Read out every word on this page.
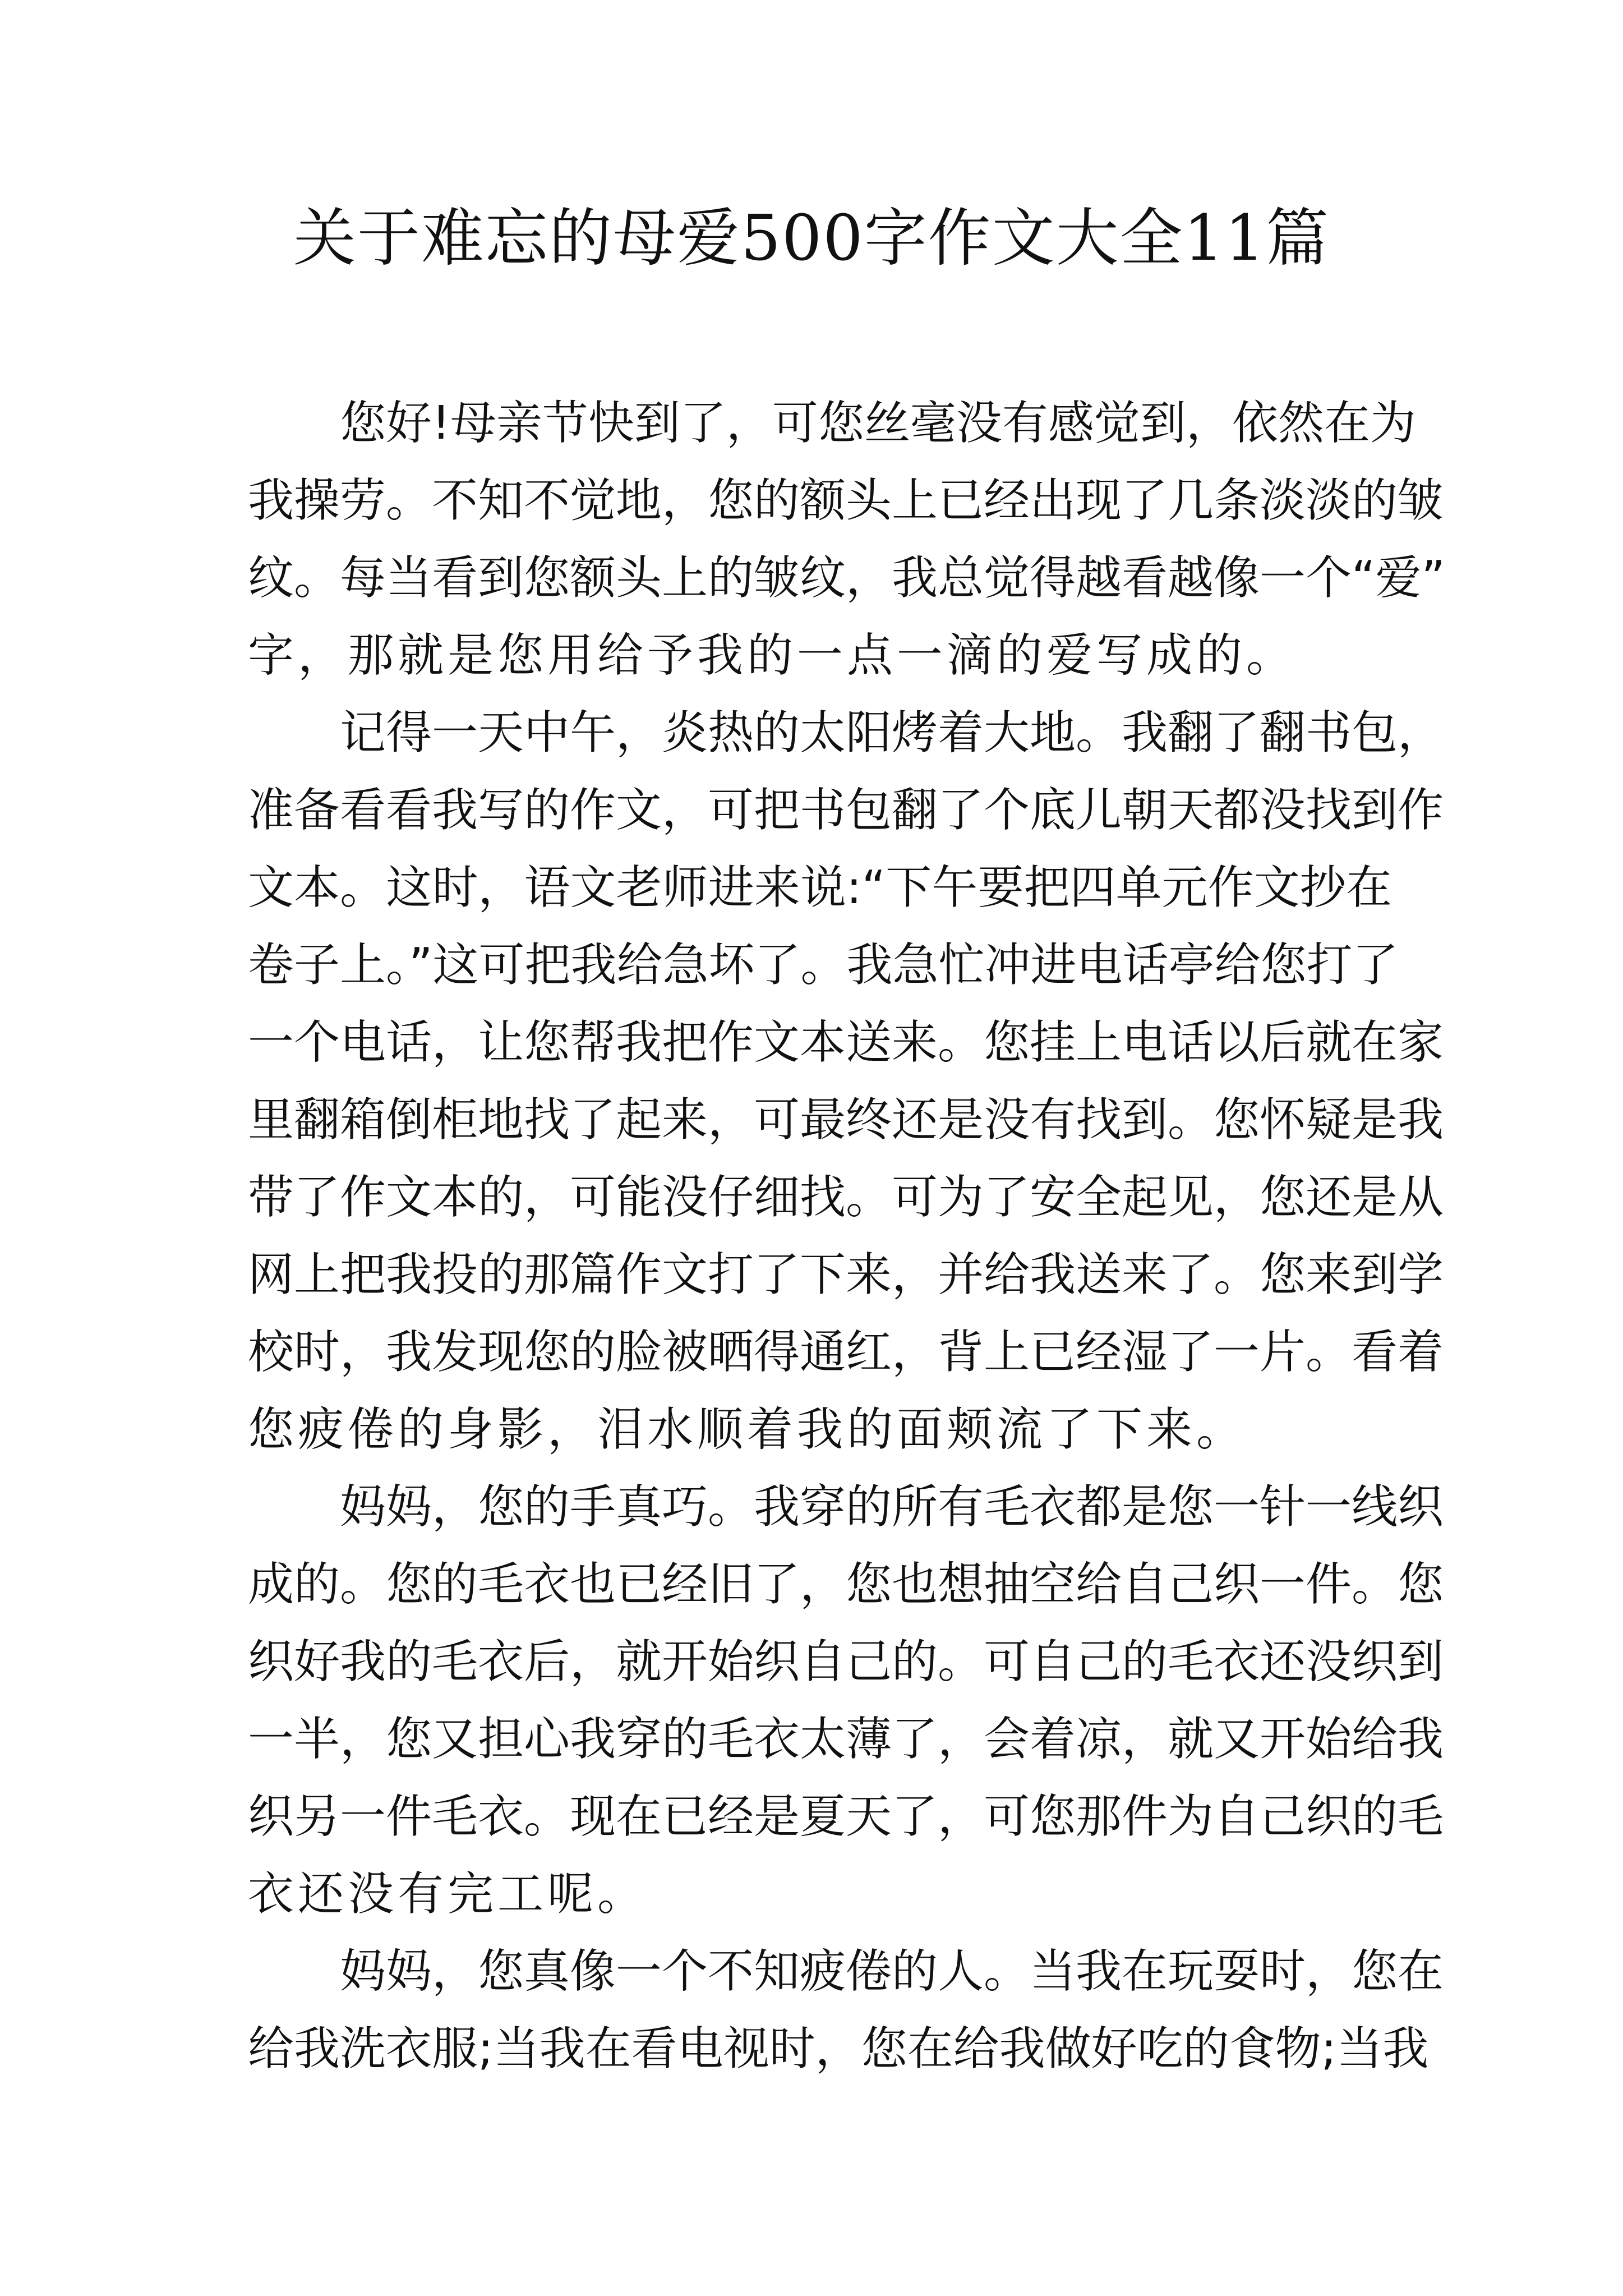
关于难忘的母爱500字作文大全11篇

　　您好!母亲节快到了，可您丝毫没有感觉到，依然在为

我操劳。不知不觉地，您的额头上已经出现了几条淡淡的皱

纹。每当看到您额头上的皱纹，我总觉得越看越像一个“爱”

字，那就是您用给予我的一点一滴的爱写成的。

　　记得一天中午，炎热的太阳烤着大地。我翻了翻书包，

准备看看我写的作文，可把书包翻了个底儿朝天都没找到作

文本。这时，语文老师进来说:“下午要把四单元作文抄在

卷子上。”这可把我给急坏了。我急忙冲进电话亭给您打了

一个电话，让您帮我把作文本送来。您挂上电话以后就在家

里翻箱倒柜地找了起来，可最终还是没有找到。您怀疑是我

带了作文本的，可能没仔细找。可为了安全起见，您还是从

网上把我投的那篇作文打了下来，并给我送来了。您来到学

校时，我发现您的脸被晒得通红，背上已经湿了一片。看着

您疲倦的身影，泪水顺着我的面颊流了下来。

　　妈妈，您的手真巧。我穿的所有毛衣都是您一针一线织

成的。您的毛衣也已经旧了，您也想抽空给自己织一件。您

织好我的毛衣后，就开始织自己的。可自己的毛衣还没织到

一半，您又担心我穿的毛衣太薄了，会着凉，就又开始给我

织另一件毛衣。现在已经是夏天了，可您那件为自己织的毛

衣还没有完工呢。

　　妈妈，您真像一个不知疲倦的人。当我在玩耍时，您在

给我洗衣服;当我在看电视时，您在给我做好吃的食物;当我
